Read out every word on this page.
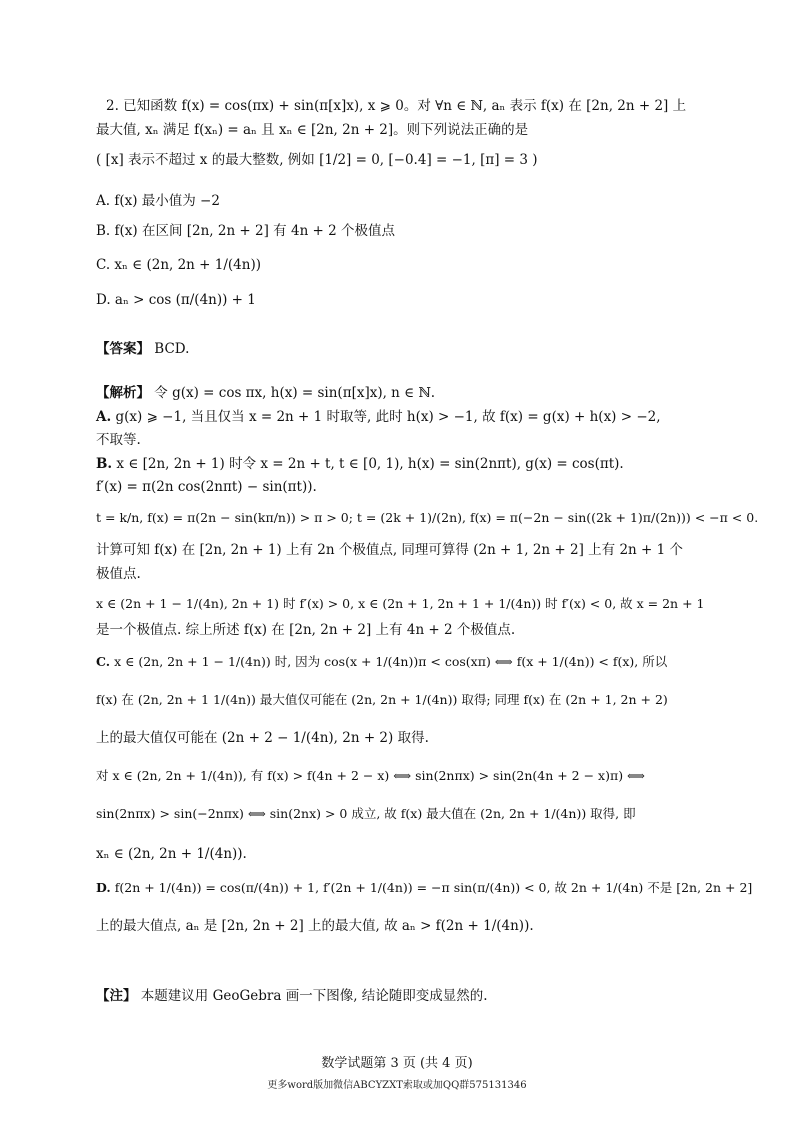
2. 已知函数 f(x) = cos(πx) + sin(π[x]x), x ⩾ 0。对 ∀n ∈ ℕ, aₙ 表示 f(x) 在 [2n, 2n + 2] 上
最大值, xₙ 满足 f(xₙ) = aₙ 且 xₙ ∈ [2n, 2n + 2]。则下列说法正确的是
( [x] 表示不超过 x 的最大整数, 例如 [1/2] = 0, [−0.4] = −1, [π] = 3 )
A. f(x) 最小值为 −2
B. f(x) 在区间 [2n, 2n + 2] 有 4n + 2 个极值点
C. xₙ ∈ (2n, 2n + 1/(4n))
D. aₙ > cos (π/(4n)) + 1
【答案】 BCD.
【解析】 令 g(x) = cos πx, h(x) = sin(π[x]x), n ∈ ℕ.
A. g(x) ⩾ −1, 当且仅当 x = 2n + 1 时取等, 此时 h(x) > −1, 故 f(x) = g(x) + h(x) > −2,
不取等.
B. x ∈ [2n, 2n + 1) 时令 x = 2n + t, t ∈ [0, 1), h(x) = sin(2nπt), g(x) = cos(πt).
f′(x) = π(2n cos(2nπt) − sin(πt)).
t = k/n, f(x) = π(2n − sin(kπ/n)) > π > 0; t = (2k + 1)/(2n), f(x) = π(−2n − sin((2k + 1)π/(2n))) < −π < 0.
计算可知 f(x) 在 [2n, 2n + 1) 上有 2n 个极值点, 同理可算得 (2n + 1, 2n + 2] 上有 2n + 1 个
极值点.
x ∈ (2n + 1 − 1/(4n), 2n + 1) 时 f′(x) > 0, x ∈ (2n + 1, 2n + 1 + 1/(4n)) 时 f′(x) < 0, 故 x = 2n + 1
是一个极值点. 综上所述 f(x) 在 [2n, 2n + 2] 上有 4n + 2 个极值点.
C. x ∈ (2n, 2n + 1 − 1/(4n)) 时, 因为 cos(x + 1/(4n))π < cos(xπ) ⟺ f(x + 1/(4n)) < f(x), 所以
f(x) 在 (2n, 2n + 1 1/(4n)) 最大值仅可能在 (2n, 2n + 1/(4n)) 取得; 同理 f(x) 在 (2n + 1, 2n + 2)
上的最大值仅可能在 (2n + 2 − 1/(4n), 2n + 2) 取得.
对 x ∈ (2n, 2n + 1/(4n)), 有 f(x) > f(4n + 2 − x) ⟺ sin(2nπx) > sin(2n(4n + 2 − x)π) ⟺
sin(2nπx) > sin(−2nπx) ⟺ sin(2nx) > 0 成立, 故 f(x) 最大值在 (2n, 2n + 1/(4n)) 取得, 即
xₙ ∈ (2n, 2n + 1/(4n)).
D. f(2n + 1/(4n)) = cos(π/(4n)) + 1, f′(2n + 1/(4n)) = −π sin(π/(4n)) < 0, 故 2n + 1/(4n) 不是 [2n, 2n + 2]
上的最大值点, aₙ 是 [2n, 2n + 2] 上的最大值, 故 aₙ > f(2n + 1/(4n)).
【注】 本题建议用 GeoGebra 画一下图像, 结论随即变成显然的.
数学试题第 3 页 (共 4 页)
更多word版加微信ABCYZXT索取或加QQ群575131346
